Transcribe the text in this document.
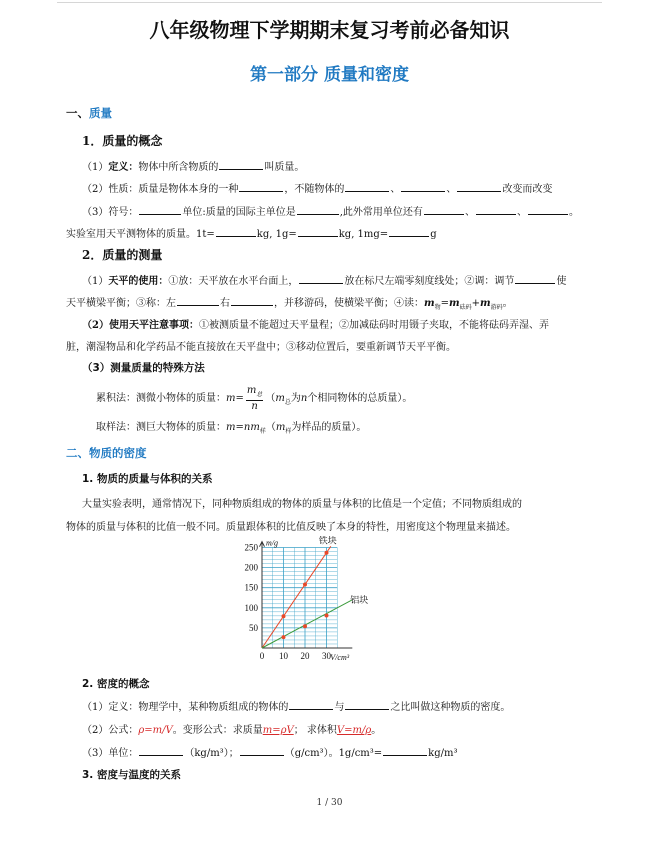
八年级物理下学期期末复习考前必备知识
第一部分 质量和密度
一、质量
1．质量的概念
（1）定义：物体中所含物质的	叫质量。
（2）性质：质量是物体本身的一种	，不随物体的	、	、	改变而改变
（3）符号：	单位:质量的国际主单位是	,此外常用单位还有	、	、	。
实验室用天平测物体的质量。1t=	kg, 1g=	kg, 1mg=	g
2．质量的测量
（1）天平的使用：①放：天平放在水平台面上，	放在标尺左端零刻度线处；②调：调节	使
天平横梁平衡；③称：左	右	，并移游码，使横梁平衡；④读：$m_物=m_{砝码}+m_{游码}$。
（2）使用天平注意事项：①被测质量不能超过天平量程；②加减砝码时用镊子夹取，不能将砝码弄湿、弄
脏，潮湿物品和化学药品不能直接放在天平盘中；③移动位置后，要重新调节天平平衡。
（3）测量质量的特殊方法
累积法：测微小物体的质量：$m= \frac{m_总}{n} (m_总$为n个相同物体的总质量）。
取样法：测巨大物体的质量：$m=nm_样(m_样$为样品的质量）。
二、物质的密度
1. 物质的质量与体积的关系
大量实验表明，通常情况下，同种物质组成的物体的质量与体积的比值是一个定值；不同物质组成的
物体的质量与体积的比值一般不同。质量跟体积的比值反映了本身的特性，用密度这个物理量来描述。
50
100
150
200
250
0 10 20 30
m/g
V/cm³
铁块
铝块
2. 密度的概念
（1）定义：物理学中，某种物质组成的物体的	与	之比叫做这种物质的密度。
（2）公式：ρ=m/V。变形公式：求质量m=ρV； 求体积V=m/ρ。
（3）单位：	（kg/m³）；	（g/cm³）。1g/cm³=	kg/m³
3. 密度与温度的关系
1 / 30
